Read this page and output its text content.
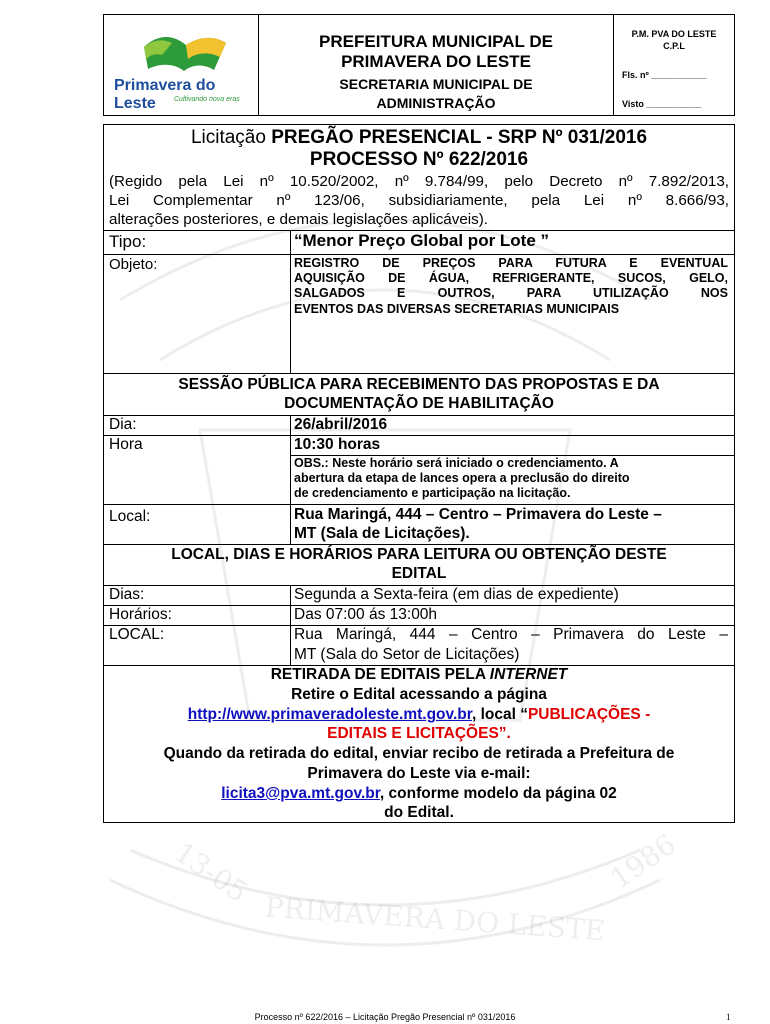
PRIMAVERA DO LESTE
13-05	1986
Primavera do Leste	Cultivando nova eras
PREFEITURA MUNICIPAL DE
PRIMAVERA DO LESTE
SECRETARIA MUNICIPAL DE
ADMINISTRAÇÃO
P.M. PVA DO LESTE
C.P.L
Fls. nº ___________
Visto ___________
Licitação PREGÃO PRESENCIAL - SRP Nº 031/2016
PROCESSO Nº 622/2016
(Regido pela Lei nº 10.520/2002, nº 9.784/99, pelo Decreto nº 7.892/2013,
Lei Complementar nº 123/06, subsidiariamente, pela Lei nº 8.666/93,
alterações posteriores, e demais legislações aplicáveis).
Tipo:	“Menor Preço Global por Lote ”
Objeto:	REGISTRO DE PREÇOS PARA FUTURA E EVENTUAL
AQUISIÇÃO DE ÁGUA, REFRIGERANTE, SUCOS, GELO,
SALGADOS E OUTROS, PARA UTILIZAÇÃO NOS
EVENTOS DAS DIVERSAS SECRETARIAS MUNICIPAIS
SESSÃO PÚBLICA PARA RECEBIMENTO DAS PROPOSTAS E DA
DOCUMENTAÇÃO DE HABILITAÇÃO
Dia:	26/abril/2016
Hora	10:30 horas
OBS.: Neste horário será iniciado o credenciamento. A
abertura da etapa de lances opera a preclusão do direito
de credenciamento e participação na licitação.
Local:	Rua Maringá, 444 – Centro – Primavera do Leste –
MT (Sala de Licitações).
LOCAL, DIAS E HORÁRIOS PARA LEITURA OU OBTENÇÃO DESTE
EDITAL
Dias:	Segunda a Sexta-feira (em dias de expediente)
Horários:	Das 07:00 ás 13:00h
LOCAL:	Rua Maringá, 444 – Centro – Primavera do Leste –
MT (Sala do Setor de Licitações)
RETIRADA DE EDITAIS PELA INTERNET
Retire o Edital acessando a página
http://www.primaveradoleste.mt.gov.br, local “PUBLICAÇÕES -
EDITAIS E LICITAÇÕES”.
Quando da retirada do edital, enviar recibo de retirada a Prefeitura de
Primavera do Leste via e-mail:
licita3@pva.mt.gov.br, conforme modelo da página 02
do Edital.
Processo nº 622/2016 – Licitação Pregão Presencial nº 031/2016	1
